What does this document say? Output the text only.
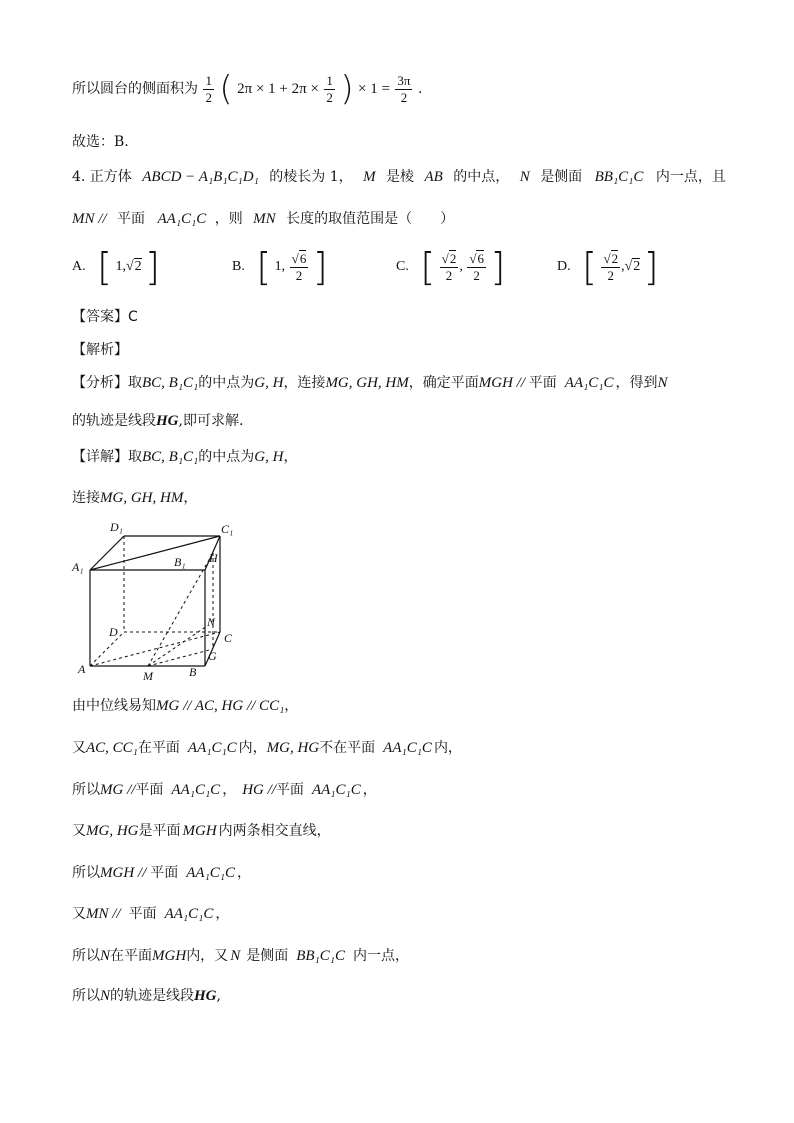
所以圆台的侧面积为 $\frac{1}{2}$ ( $2\pi \times 1 + 2\pi \times \frac{1}{2}$ ) × $1 = \frac{3\pi}{2}$ .
故选：B.
4. 正方体 ABCD − A₁B₁C₁D₁ 的棱长为 1， M 是棱 AB 的中点， N 是侧面 BB₁C₁C 内一点，且
MN // 平面 AA₁C₁C ，则 MN 长度的取值范围是（　　）
A. [ 1,√2 ]	B. [ 1, $\frac{√6}{2}$ ]	C. [ $\frac{√2}{2}$ , $\frac{√6}{2}$ ]	D. [ $\frac{√2}{2} ,√2$ ]
【答案】C
【解析】
【分析】取BC, B₁C₁的中点为G, H，连接MG, GH, HM，确定平面MGH // 平面 AA₁C₁C ，得到N
的轨迹是线段HG,即可求解.
【详解】取BC, B₁C₁的中点为G, H，
连接MG, GH, HM，
D₁	C₁
A₁	B₁ H
D
N
C
A	M	B
G
由中位线易知MG // AC, HG // CC₁，
又AC, CC₁在平面 AA₁C₁C 内，MG, HG不在平面 AA₁C₁C 内，
所以MG //平面 AA₁C₁C ， HG //平面 AA₁C₁C ，
又MG, HG是平面 MGH 内两条相交直线，
所以MGH // 平面 AA₁C₁C ，
又MN // 平面 AA₁C₁C ，
所以N在平面MGH内，又 N 是侧面 BB₁C₁C 内一点，
所以N的轨迹是线段HG,
